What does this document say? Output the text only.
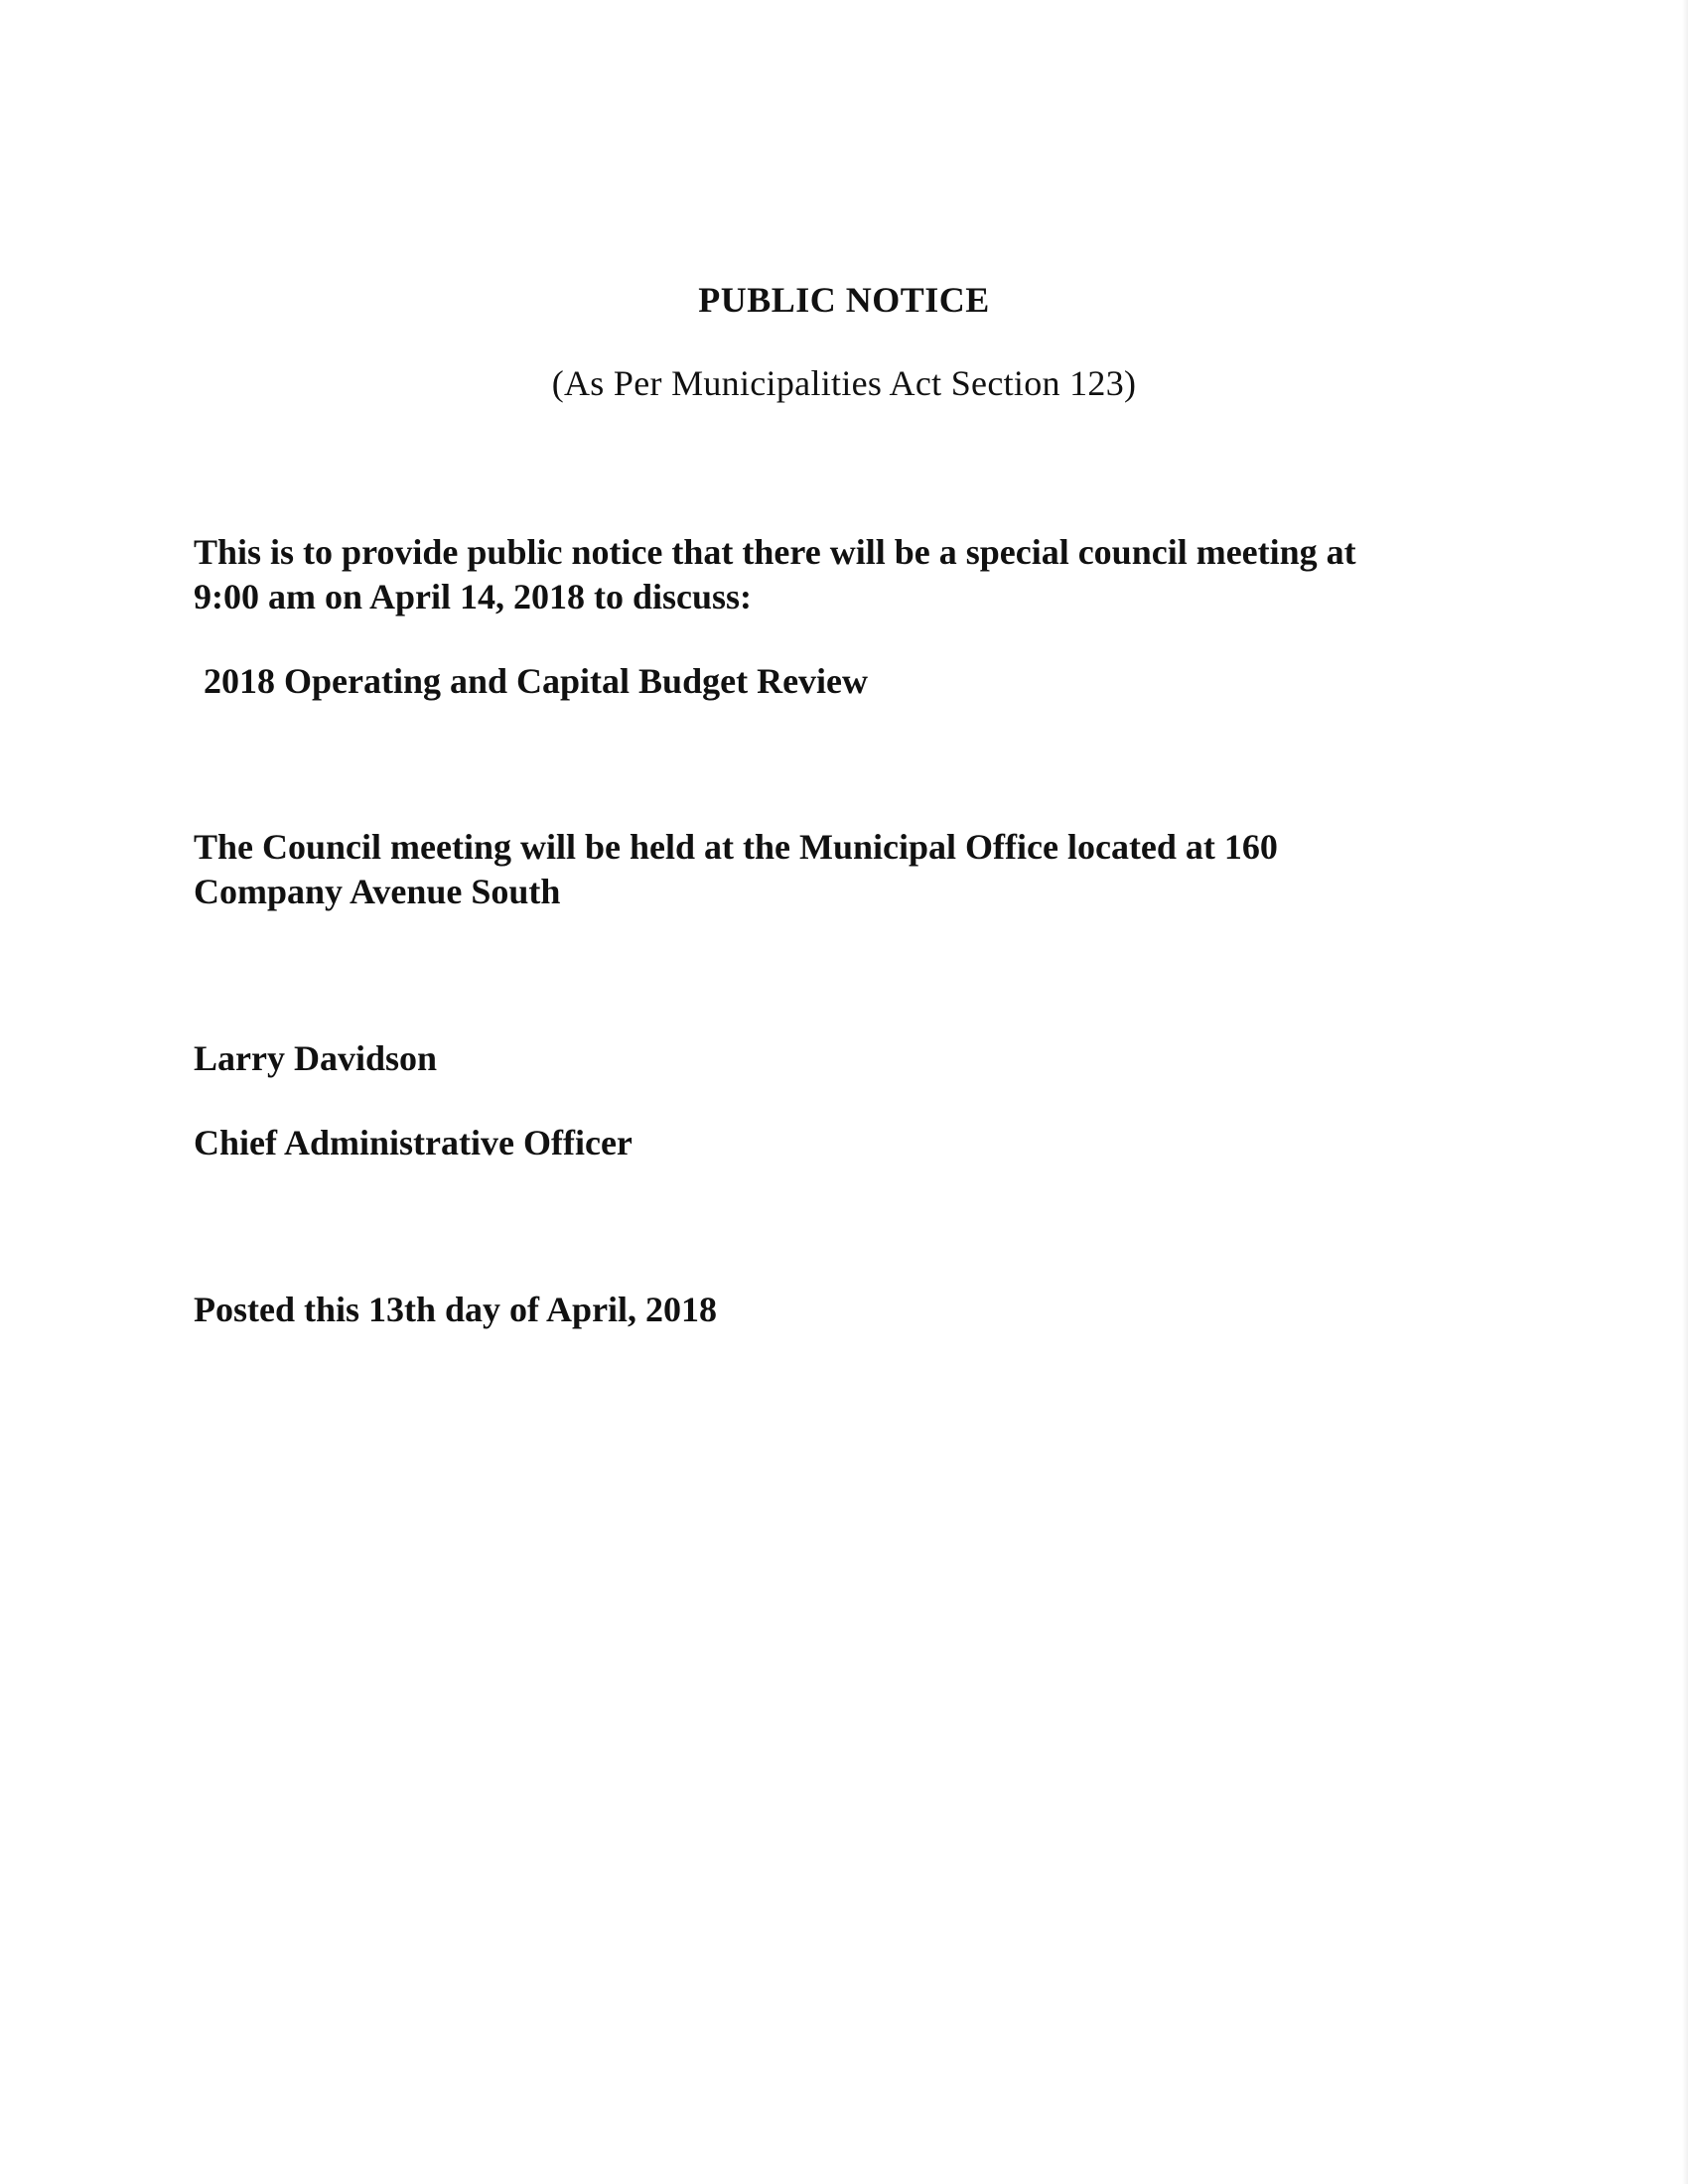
PUBLIC NOTICE
(As Per Municipalities Act Section 123)
This is to provide public notice that there will be a special council meeting at
9:00 am on April 14, 2018 to discuss:
2018 Operating and Capital Budget Review
The Council meeting will be held at the Municipal Office located at 160
Company Avenue South
Larry Davidson
Chief Administrative Officer
Posted this 13th day of April, 2018
